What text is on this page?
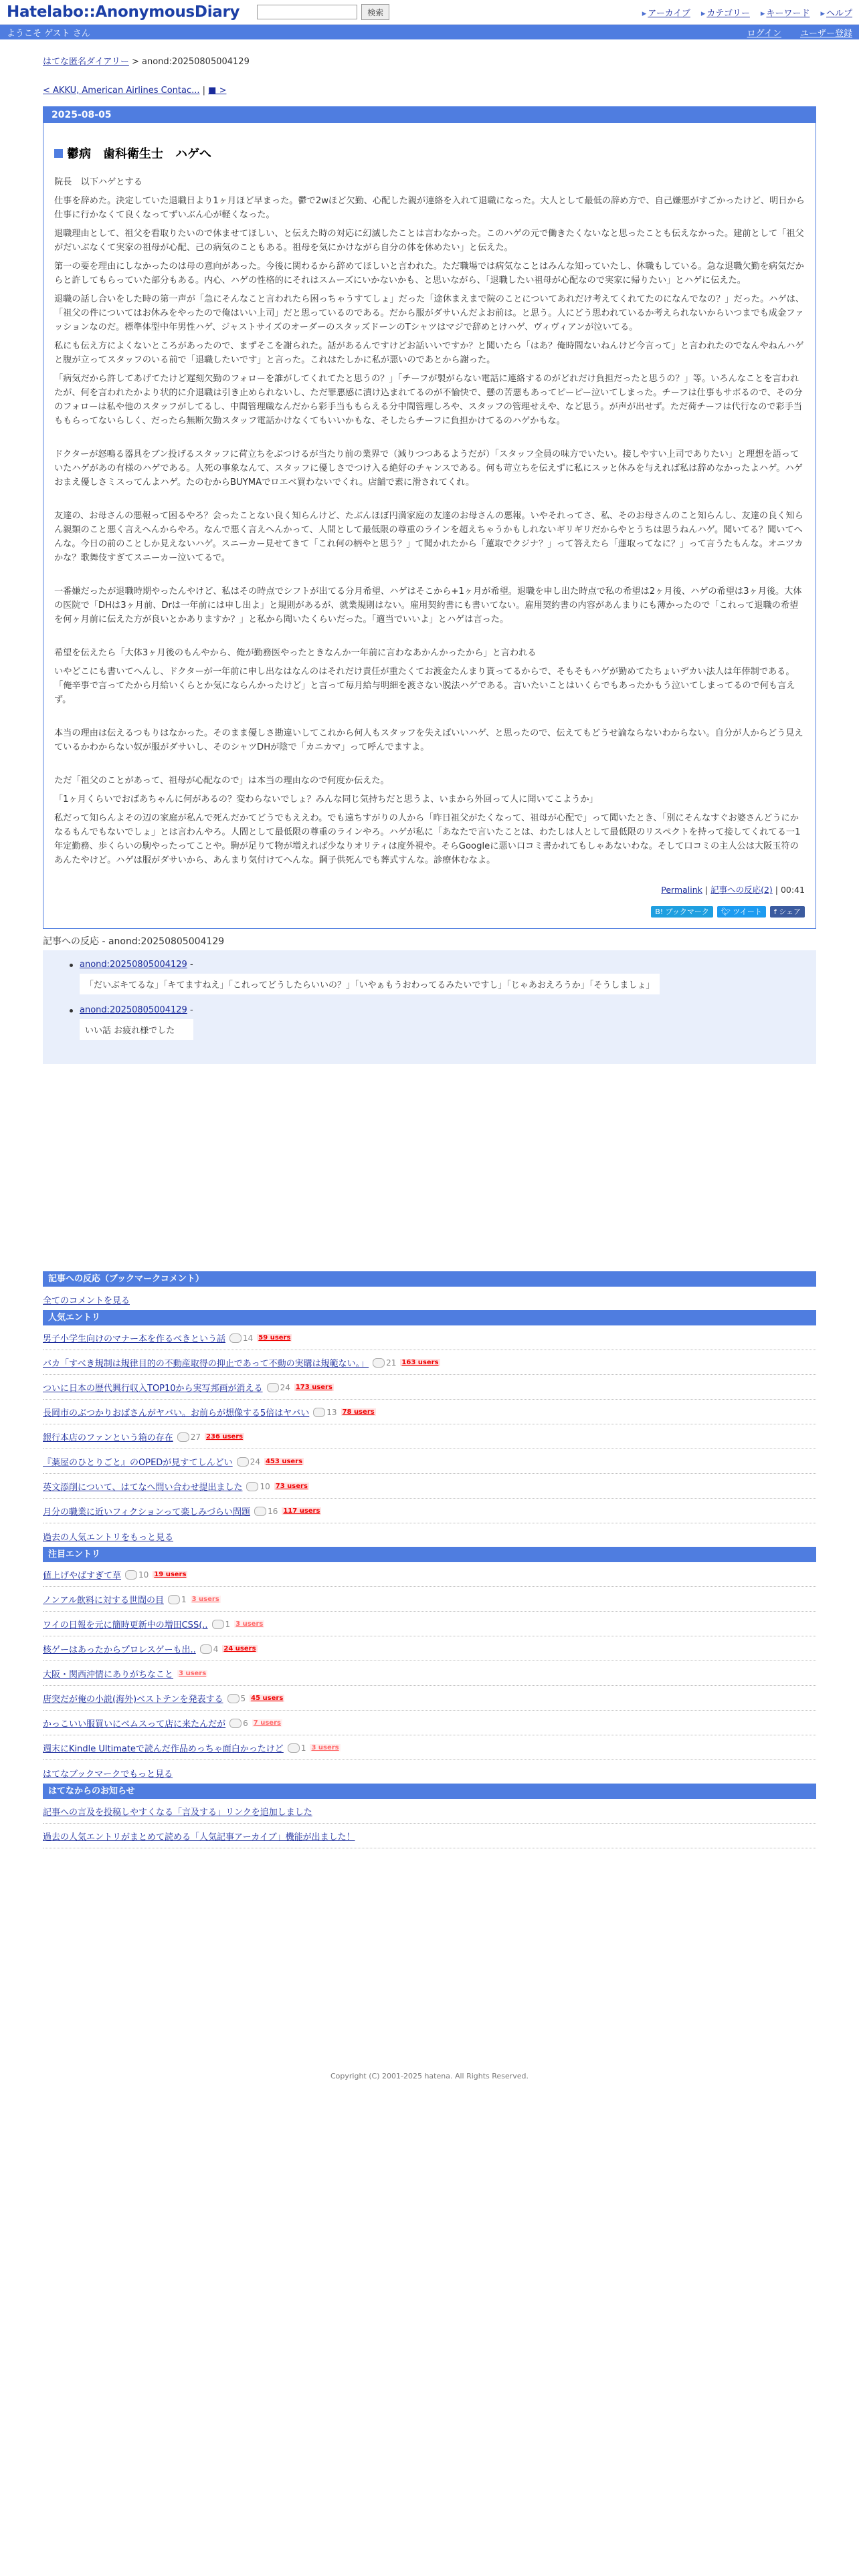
Hatelabo::AnonymousDiary	検索	▸ アーカイブ	▸ カテゴリー	▸ キーワード	▸ ヘルプ
ようこそ ゲスト さん	ログイン ユーザー登録
はてな匿名ダイアリー > anond:20250805004129
< AKKU, American Airlines Contac... | ■ >
2025-08-05
鬱病　歯科衛生士　ハゲへ
院長　以下ハゲとする
仕事を辞めた。決定していた退職日より1ヶ月ほど早まった。鬱で2wほど欠勤、心配した親が連絡を入れて退職になった。大人として最低の辞め方で、自己嫌悪がすごかったけど、明日から仕事に行かなくて良くなってずいぶん心が軽くなった。
退職理由として、祖父を看取りたいので休ませてほしい、と伝えた時の対応に幻滅したことは言わなかった。このハゲの元で働きたくないなと思ったことも伝えなかった。建前として「祖父がだいぶなくて実家の祖母が心配、己の病気のこともある。祖母を気にかけながら自分の体を休めたい」と伝えた。
第一の要を理由にしなかったのは母の意向があった。今後に関わるから辞めてほしいと言われた。ただ職場では病気なことはみんな知っていたし、休職もしている。急な退職欠勤を病気だからと許してもらっていた部分もある。内心、ハゲの性格的にそれはスムーズにいかないかも、と思いながら、「退職したい祖母が心配なので実家に帰りたい」とハゲに伝えた。
退職の話し合いをした時の第一声が「急にそんなこと言われたら困っちゃうすてしょ」だった「途休まえまで院のことについてあれだけ考えてくれてたのになんでなの？」だった。ハゲは、「祖父の件についてはお休みをやったので俺はいい上司」だと思っているのである。だから服がダサいんだよお前は。と思う。人にどう思われているか考えられないからいつまでも成金ファッションなのだ。標準体型中年男性ハゲ、ジャストサイズのオーダーのスタッズドーンのTシャツはマジで辞めとけハゲ、ヴィヴィアンが泣いてる。
私にも伝え方によくないところがあったので、まずそこを謝られた。話があるんですけどお話いいですか？と聞いたら「はあ？俺時間ないねんけど今言って」と言われたのでなんやねんハゲと腹が立ってスタッフのいる前で「退職したいです」と言った。これはたしかに私が悪いのであとから謝った。
「病気だから許してあげてたけど遅刻欠勤のフォローを誰がしてくれてたと思うの？」「チーフが製がらない電話に連絡するのがどれだけ負担だったと思うの？」等。いろんなことを言われたが、何を言われたかより状的に介退職は引き止められないし、ただ罪悪感に漬け込まれてるのが不愉快で、懸の苦悪もあってピーピー泣いてしまった。チーフは仕事もサボるので、その分のフォローは私や他のスタッフがしてるし、中間管理職なんだから彩手当ももらえる分中間管理しろや、スタッフの管理せえや、など思う。が声が出せず。ただ荷チーフは代行なので彩手当ももらってないらしく、だったら無断欠勤スタッフ電話かけなくてもいいかもな、そしたらチーフに負担かけてるのハゲかもな。
ドクターが怒鳴る器具をブン投げるスタッフに荷立ちをぶつけるが当たり前の業界で（減りつつあるようだが）「スタッフ全員の味方でいたい。接しやすい上司でありたい」と理想を語っていたハゲがあの有様のハゲである。人死の事象なんて、スタッフに優しさでつけ入る絶好のチャンスである。何も苛立ちを伝えずに私にスッと休みを与えれば私は辞めなかったよハゲ。ハゲおまえ優しさミスってんよハゲ。たのむからBUYMAでロエベ買わないでくれ。店舗で素に滑されてくれ。
友達の、お母さんの悪報って困るやろ？会ったことない良く知らんけど、たぶんほぼ円満家庭の友達のお母さんの悪報。いやそれってさ、私、そのお母さんのこと知らんし、友達の良く知らん親類のこと悪く言えへんからやろ。なんで悪く言えへんかって、人間として最低限の尊重のラインを超えちゃうかもしれないギリギリだからやとうちは思うねんハゲ。聞いてる？聞いてへんな。今日の前のことしか見えないハゲ。スニーカー見せてきて「これ何の柄やと思う？」て聞かれたから「蓮取でクジナ？」って答えたら「蓮取ってなに？」って言うたもんな。オニツカかな？歌舞伎すぎてスニーカー泣いてるで。
一番嫌だったが退職時期やったんやけど、私はその時点でシフトが出てる分月希望、ハゲはそこから+1ヶ月が希望。退職を申し出た時点で私の希望は2ヶ月後、ハゲの希望は3ヶ月後。大体の医院で「DHは3ヶ月前、Drは一年前には申し出よ」と規則があるが、就業規則はない。雇用契約書にも書いてない。雇用契約書の内容があんまりにも薄かったので「これって退職の希望を何ヶ月前に伝えた方が良いとかありますか？」と私から聞いたくらいだった。「適当でいいよ」とハゲは言った。
希望を伝えたら「大体3ヶ月後のもんやから、俺が勤務医やったときなんか一年前に言わなあかんかったから」と言われる
いやどこにも書いてへんし、ドクターが一年前に申し出なはなんのはそれだけ責任が重たくてお渡金たんまり貰ってるからで、そもそもハゲが勤めてたちょいデカい法人は年俸制である。「俺辛事で言ってたから月給いくらとか気にならんかったけど」と言って毎月給与明細を渡さない脱法ハゲである。言いたいことはいくらでもあったかもう泣いてしまってるので何も言えず。
本当の理由は伝えるつもりはなかった。そのまま優しさ勘違いしてこれから何人もスタッフを失えばいいハゲ、と思ったので、伝えてもどうせ論ならないわからない。自分が人からどう見えているかわからない奴が服がダサいし、そのシャツDHが陰で「カニカマ」って呼んでますよ。
ただ「祖父のことがあって、祖母が心配なので」は本当の理由なので何度か伝えた。
「1ヶ月くらいでおばあちゃんに何があるの？変わらないでしょ？みんな同じ気持ちだと思うよ、いまから外回って人に聞いてこようか」
私だって知らんよその辺の家庭が私んで死んだかてどうでもええわ。でも遠ちすがりの人から「昨日祖父がたくなって、祖母が心配で」って聞いたとき、「別にそんなすぐお婆さんどうにかなるもんでもないでしょ」とは言わんやろ。人間として最低限の尊重のラインやろ。ハゲが私に「あなたで言いたことは、わたしは人として最低限のリスペクトを持って接してくれてる一1年定勤務、歩くらいの駒やったってことや。駒が足りて物が増えれば少なりオリティは度外視や。そらGoogleに悪い口コミ書かれてもしゃあないわな。そして口コミの主人公は大阪玉符のあんたやけど。ハゲは服がダサいから、あんまり気付けてへんな。鋼子供死んでも葬式すんな。診療休むなよ。
Permalink | 記事への反応(2) | 00:41
B! ブックマーク	🐦︎ ツイート	f シェア
記事への反応 - anond:20250805004129
anond:20250805004129 -
「だいぶキてるな」「キてますねえ」「これってどうしたらいいの？」「いやぁもうおわってるみたいですし」「じゃあおえろうか」「そうしましょ」
anond:20250805004129 -
いい話 お疲れ様でした
記事への反応（ブックマークコメント）
全てのコメントを見る
人気エントリ
男子小学生向けのマナー本を作るべきという話 14 59 users
バカ「すべき規制は規律目的の不動産取得の抑止であって不動の実購は規範ない。」 21 163 users
ついに日本の歴代興行収入TOP10から実写邦画が消える 24 173 users
長岡市のぶつかりおばさんがヤバい。お前らが想像する5倍はヤバい 13 78 users
銀行本店のファンという箱の存在 27 236 users
『薬屋のひとりごと』のOPEDが見すてしんどい 24 453 users
英文添削について、はてなへ問い合わせ提出ました 10 73 users
月分の職業に近いフィクションって楽しみづらい問題 16 117 users
過去の人気エントリをもっと見る
注目エントリ
値上げやばすぎて草 10 19 users
ノンアル飲料に対する世間の目 1 3 users
ワイの日報を元に簡時更新中の増田CSS(.. 1 3 users
核ゲーはあったからプロレスゲーも出.. 4 24 users
大阪・関西沖情にありがちなこと 3 users
唐突だが俺の小説(海外)ベストテンを発表する 5 45 users
かっこいい服買いにベムスって店に来たんだが 6 7 users
週末にKindle Ultimateで読んだ作品めっちゃ面白かったけど 1 3 users
はてなブックマークでもっと見る
はてなからのお知らせ
記事への言及を投稿しやすくなる「言及する」リンクを追加しました
過去の人気エントリがまとめて読める「人気記事アーカイブ」機能が出ました！
Copyright (C) 2001-2025 hatena. All Rights Reserved.
